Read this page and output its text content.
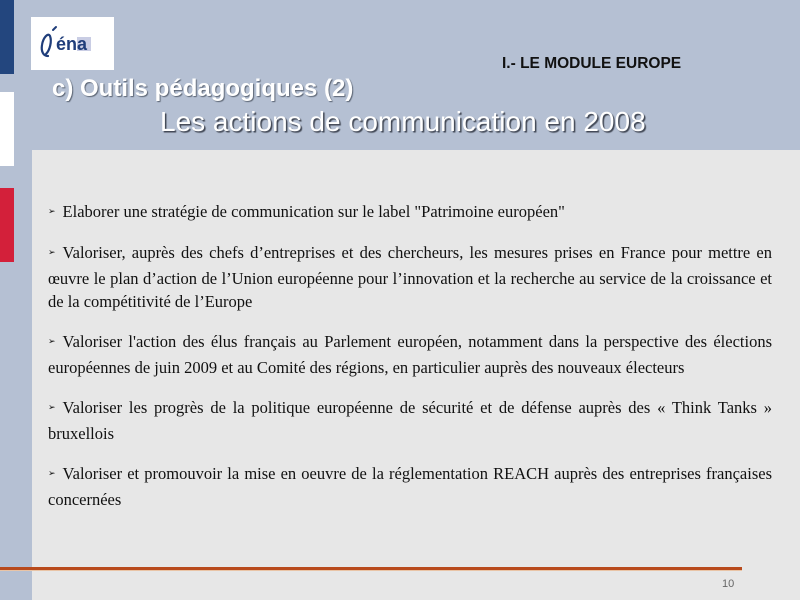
éna
I.- LE MODULE EUROPE
c) Outils pédagogiques (2)
Les actions de communication en 2008
➢ Elaborer une stratégie de communication sur le label "Patrimoine européen"
➢ Valoriser, auprès des chefs d’entreprises et des chercheurs, les mesures prises en France pour mettre en œuvre le plan d’action de l’Union européenne pour l’innovation et la recherche au service de la croissance et de la compétitivité de l’Europe
➢ Valoriser l'action des élus français au Parlement européen, notamment dans la perspective des élections européennes de juin 2009 et au Comité des régions, en particulier auprès des nouveaux électeurs
➢ Valoriser les progrès de la politique européenne de sécurité et de défense auprès des « Think Tanks » bruxellois
➢ Valoriser et promouvoir la mise en oeuvre de la réglementation REACH auprès des entreprises françaises concernées
10
